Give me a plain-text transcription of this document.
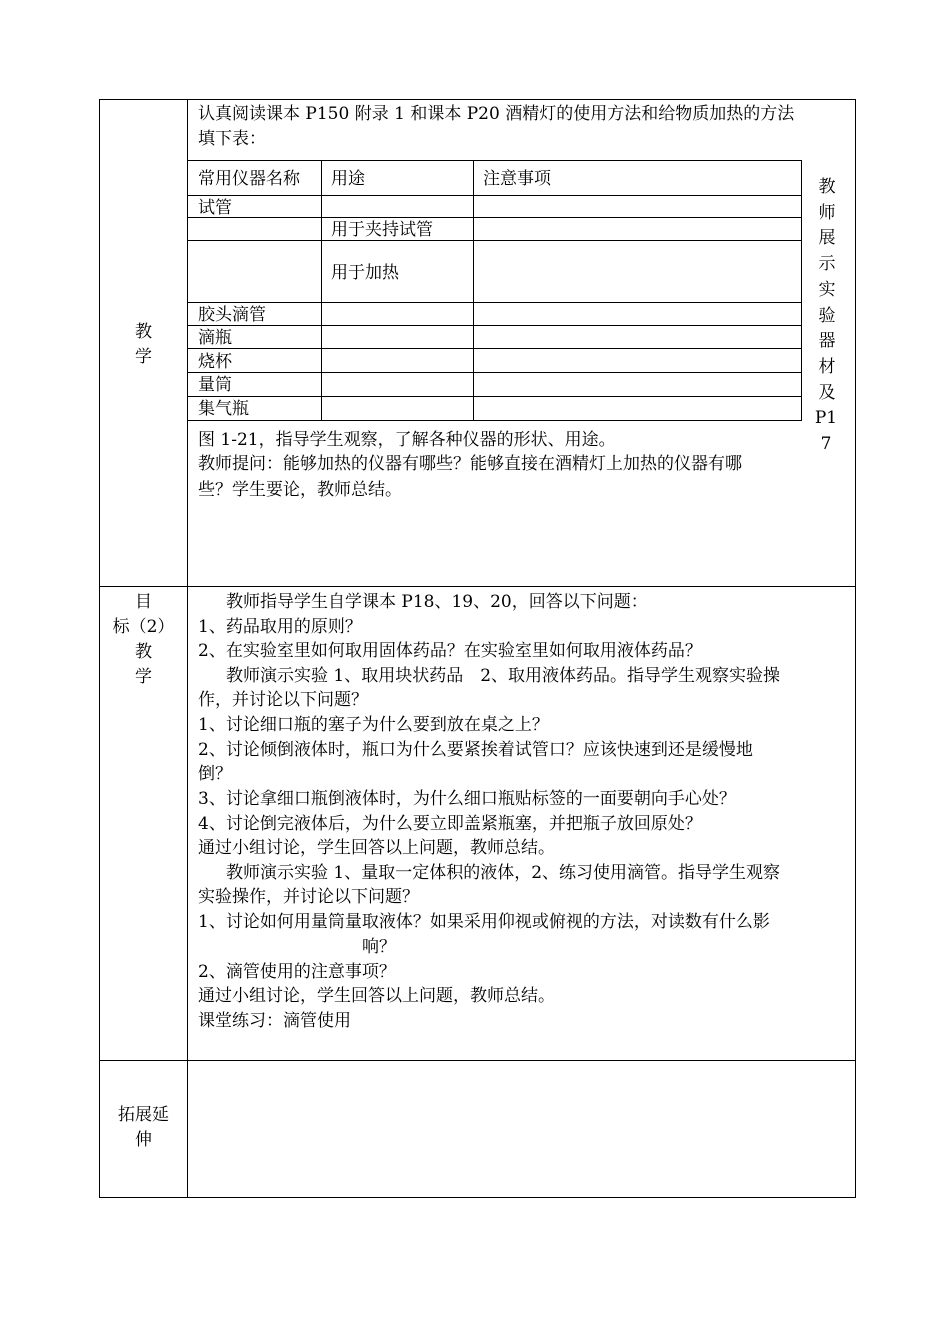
教
学
认真阅读课本 P150 附录 1 和课本 P20 酒精灯的使用方法和给物质加热的方法
填下表：
常用仪器名称 用途	注意事项
试管
用于夹持试管
用于加热
胶头滴管
滴瓶
烧杯
量筒
集气瓶
教
师
展
示
实
验
器
材
及
P17
图 1-21，指导学生观察，了解各种仪器的形状、用途。
教师提问：能够加热的仪器有哪些？能够直接在酒精灯上加热的仪器有哪
些？学生要论，教师总结。
目
标（2）
教
学
教师指导学生自学课本 P18、19、20，回答以下问题：
1、药品取用的原则？
2、在实验室里如何取用固体药品？在实验室里如何取用液体药品？
教师演示实验 1、取用块状药品　2、取用液体药品。指导学生观察实验操
作，并讨论以下问题？
1、讨论细口瓶的塞子为什么要到放在桌之上？
2、讨论倾倒液体时，瓶口为什么要紧挨着试管口？应该快速到还是缓慢地
倒？
3、讨论拿细口瓶倒液体时，为什么细口瓶贴标签的一面要朝向手心处？
4、讨论倒完液体后，为什么要立即盖紧瓶塞，并把瓶子放回原处？
通过小组讨论，学生回答以上问题，教师总结。
教师演示实验 1、量取一定体积的液体，2、练习使用滴管。指导学生观察
实验操作，并讨论以下问题？
1、讨论如何用量筒量取液体？如果采用仰视或俯视的方法，对读数有什么影
响？
2、滴管使用的注意事项？
通过小组讨论，学生回答以上问题，教师总结。
课堂练习：滴管使用
拓展延
伸
